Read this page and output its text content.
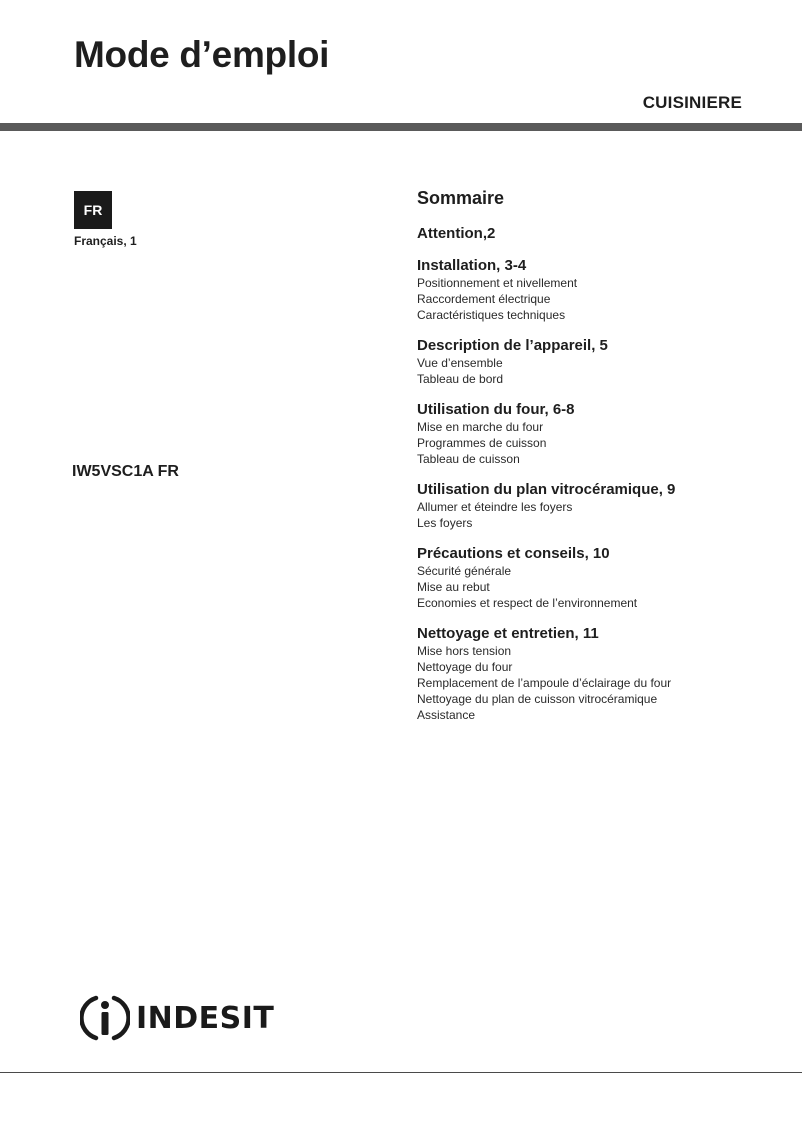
Mode d’emploi
CUISINIERE
FR
Français, 1
IW5VSC1A FR
Sommaire
Attention,2
Installation, 3-4
Positionnement et nivellement
Raccordement électrique
Caractéristiques techniques
Description de l’appareil, 5
Vue d’ensemble
Tableau de bord
Utilisation du four, 6-8
Mise en marche du four
Programmes de cuisson
Tableau de cuisson
Utilisation du plan vitrocéramique, 9
Allumer et éteindre les foyers
Les foyers
Précautions et conseils, 10
Sécurité générale
Mise au rebut
Economies et respect de l’environnement
Nettoyage et entretien, 11
Mise hors tension
Nettoyage du four
Remplacement de l’ampoule d’éclairage du four
Nettoyage du plan de cuisson vitrocéramique
Assistance
INDESIT
